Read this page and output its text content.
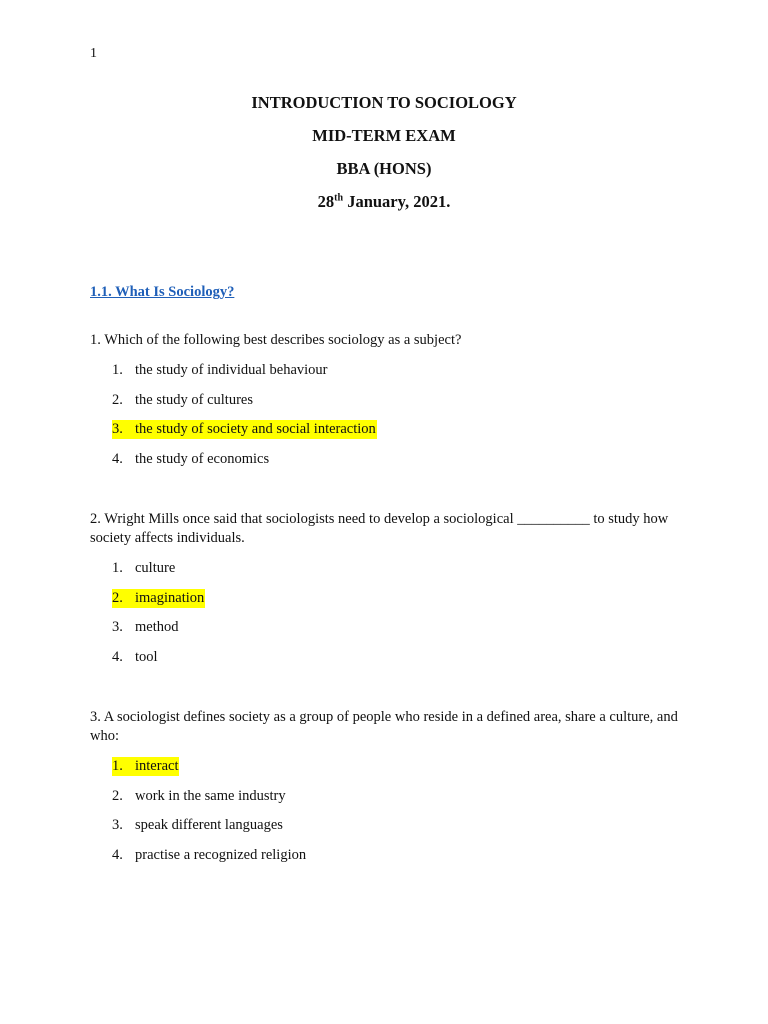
1
INTRODUCTION TO SOCIOLOGY
MID-TERM EXAM
BBA (HONS)
28th January, 2021.
1.1. What Is Sociology?
1. Which of the following best describes sociology as a subject?
1. the study of individual behaviour
2. the study of cultures
3. the study of society and social interaction
4. the study of economics
2. Wright Mills once said that sociologists need to develop a sociological __________ to study how society affects individuals.
1. culture
2. imagination
3. method
4. tool
3. A sociologist defines society as a group of people who reside in a defined area, share a culture, and who:
1. interact
2. work in the same industry
3. speak different languages
4. practise a recognized religion
